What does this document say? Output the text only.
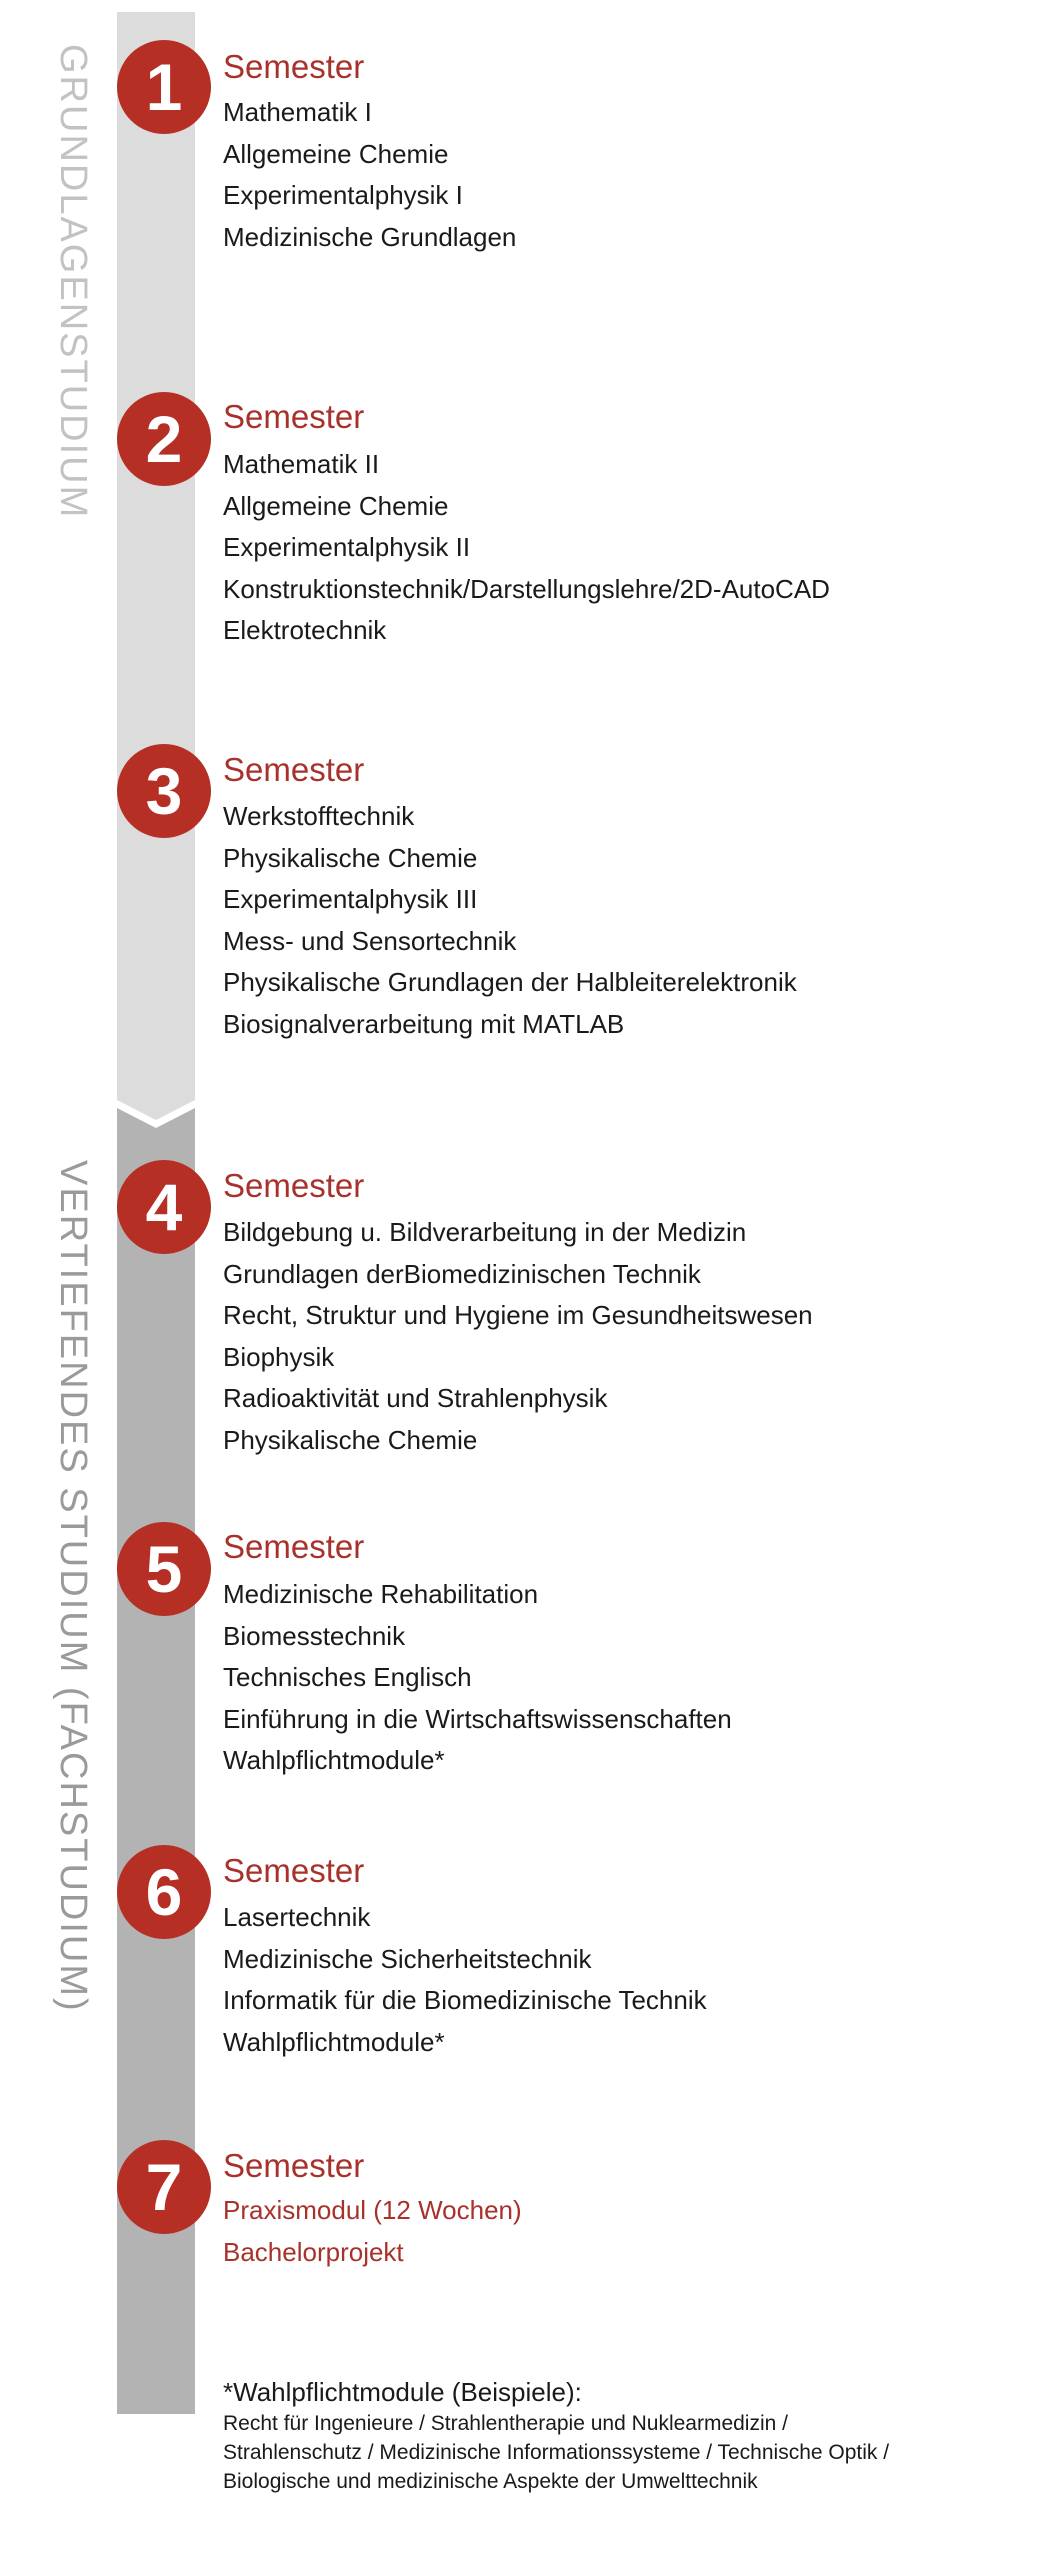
GRUNDLAGENSTUDIUM
VERTIEFENDES STUDIUM (FACHSTUDIUM)
1	Semester
Mathematik I
Allgemeine Chemie
Experimentalphysik I
Medizinische Grundlagen
2	Semester
Mathematik II
Allgemeine Chemie
Experimentalphysik II
Konstruktionstechnik/Darstellungslehre/2D-AutoCAD
Elektrotechnik
3	Semester
Werkstofftechnik
Physikalische Chemie
Experimentalphysik III
Mess- und Sensortechnik
Physikalische Grundlagen der Halbleiterelektronik
Biosignalverarbeitung mit MATLAB
4	Semester
Bildgebung u. Bildverarbeitung in der Medizin
Grundlagen derBiomedizinischen Technik
Recht, Struktur und Hygiene im Gesundheitswesen
Biophysik
Radioaktivität und Strahlenphysik
Physikalische Chemie
5	Semester
Medizinische Rehabilitation
Biomesstechnik
Technisches Englisch
Einführung in die Wirtschaftswissenschaften
Wahlpflichtmodule*
6	Semester
Lasertechnik
Medizinische Sicherheitstechnik
Informatik für die Biomedizinische Technik
Wahlpflichtmodule*
7	Semester
Praxismodul (12 Wochen)
Bachelorprojekt
*Wahlpflichtmodule (Beispiele):
Recht für Ingenieure / Strahlentherapie und Nuklearmedizin /
Strahlenschutz / Medizinische Informationssysteme / Technische Optik /
Biologische und medizinische Aspekte der Umwelttechnik
